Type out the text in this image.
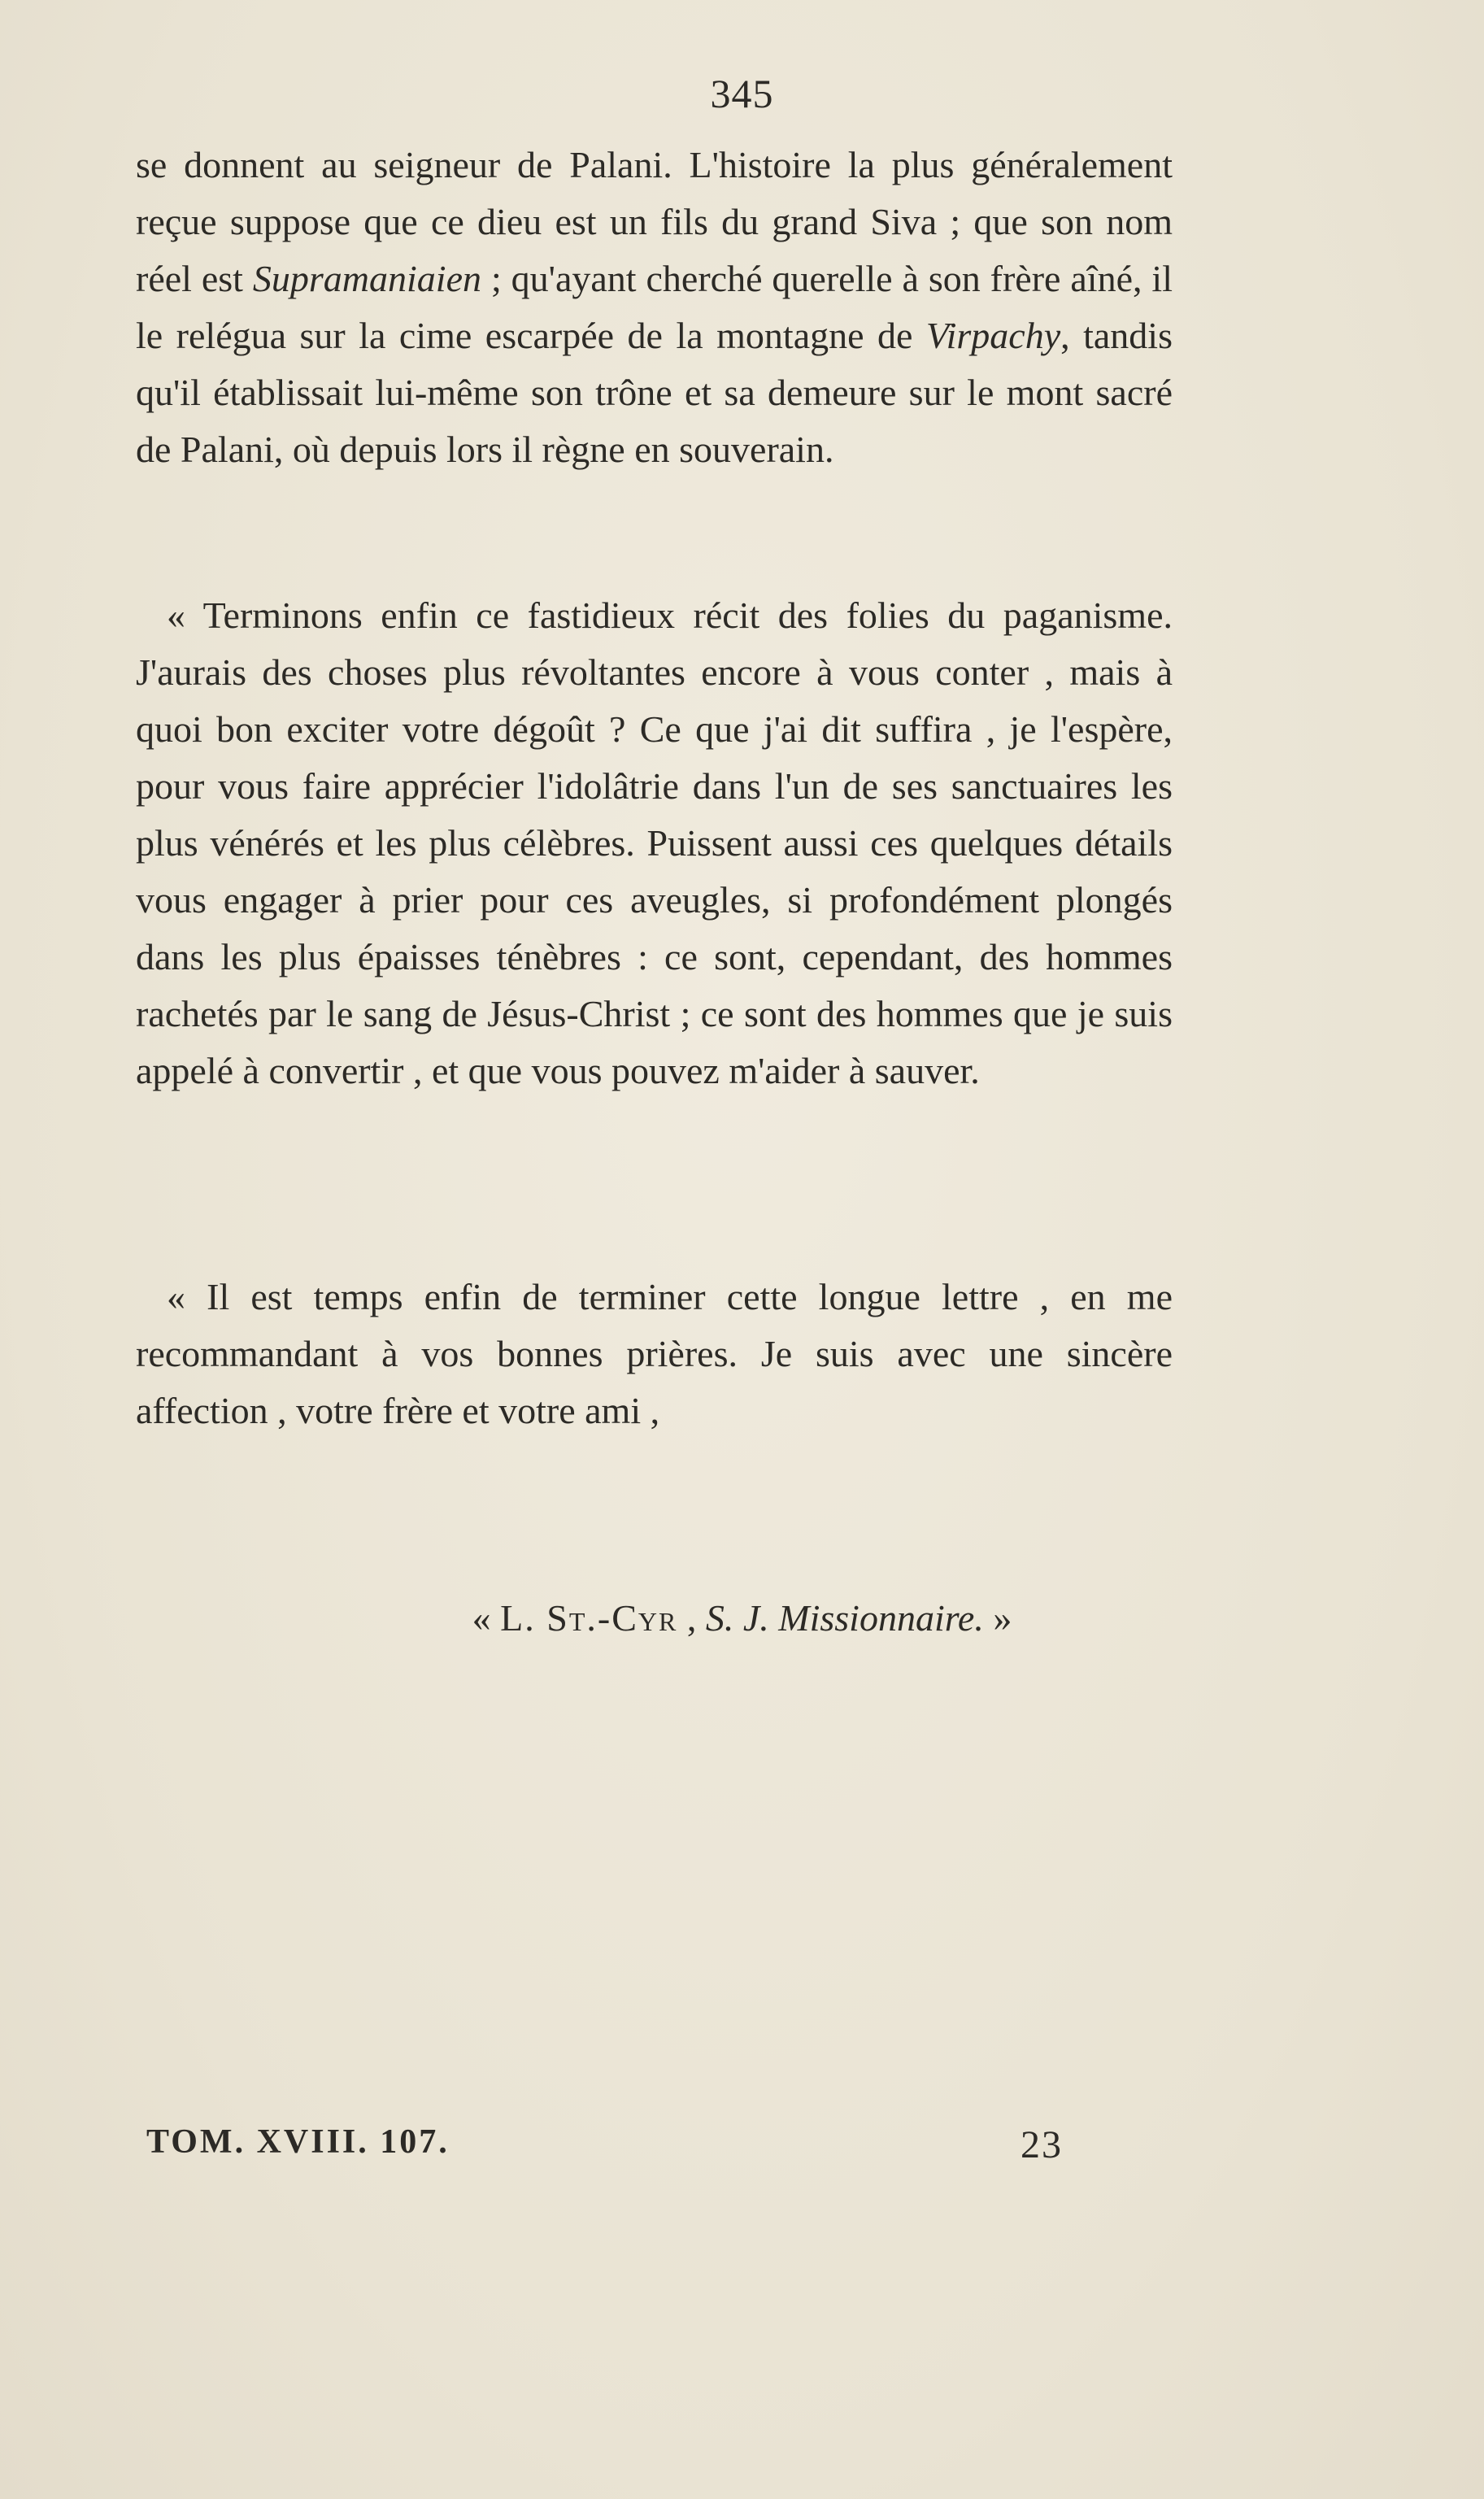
345

se donnent au seigneur de Palani. L'histoire la plus généralement reçue suppose que ce dieu est un fils du grand Siva ; que son nom réel est Supramaniaien ; qu'ayant cherché querelle à son frère aîné, il le relégua sur la cime escarpée de la montagne de Virpachy, tandis qu'il établissait lui-même son trône et sa demeure sur le mont sacré de Palani, où depuis lors il règne en souverain.

« Terminons enfin ce fastidieux récit des folies du paganisme. J'aurais des choses plus révoltantes encore à vous conter , mais à quoi bon exciter votre dégoût ? Ce que j'ai dit suffira , je l'espère, pour vous faire apprécier l'idolâtrie dans l'un de ses sanctuaires les plus vénérés et les plus célèbres. Puissent aussi ces quelques détails vous engager à prier pour ces aveugles, si profondément plongés dans les plus épaisses ténèbres : ce sont, cependant, des hommes rachetés par le sang de Jésus-Christ ; ce sont des hommes que je suis appelé à convertir , et que vous pouvez m'aider à sauver.

« Il est temps enfin de terminer cette longue lettre , en me recommandant à vos bonnes prières. Je suis avec une sincère affection , votre frère et votre ami ,

« L. St.-Cyr , S. J. Missionnaire. »
TOM. XVIII. 107.	23
